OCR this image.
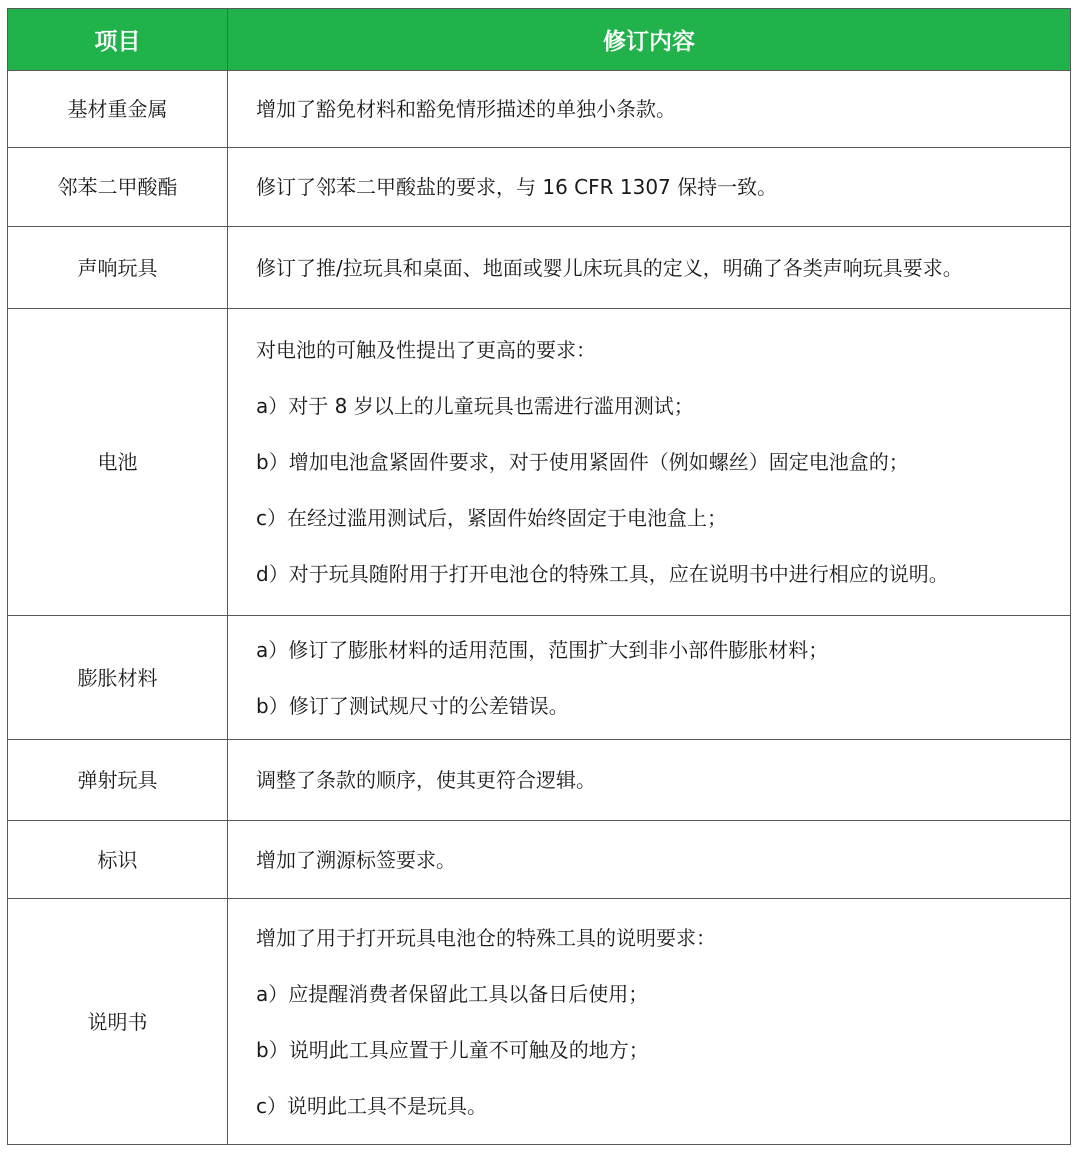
项目	修订内容
基材重金属	增加了豁免材料和豁免情形描述的单独小条款。

邻苯二甲酸酯	修订了邻苯二甲酸盐的要求，与 16 CFR 1307 保持一致。

声响玩具	修订了推/拉玩具和桌面、地面或婴儿床玩具的定义，明确了各类声响玩具要求。

电池	对电池的可触及性提出了更高的要求：
a）对于 8 岁以上的儿童玩具也需进行滥用测试；
b）增加电池盒紧固件要求，对于使用紧固件（例如螺丝）固定电池盒的；
c）在经过滥用测试后，紧固件始终固定于电池盒上；
d）对于玩具随附用于打开电池仓的特殊工具，应在说明书中进行相应的说明。

膨胀材料	a）修订了膨胀材料的适用范围，范围扩大到非小部件膨胀材料；
b）修订了测试规尺寸的公差错误。

弹射玩具	调整了条款的顺序，使其更符合逻辑。

标识	增加了溯源标签要求。

说明书	增加了用于打开玩具电池仓的特殊工具的说明要求：
a）应提醒消费者保留此工具以备日后使用；
b）说明此工具应置于儿童不可触及的地方；
c）说明此工具不是玩具。
